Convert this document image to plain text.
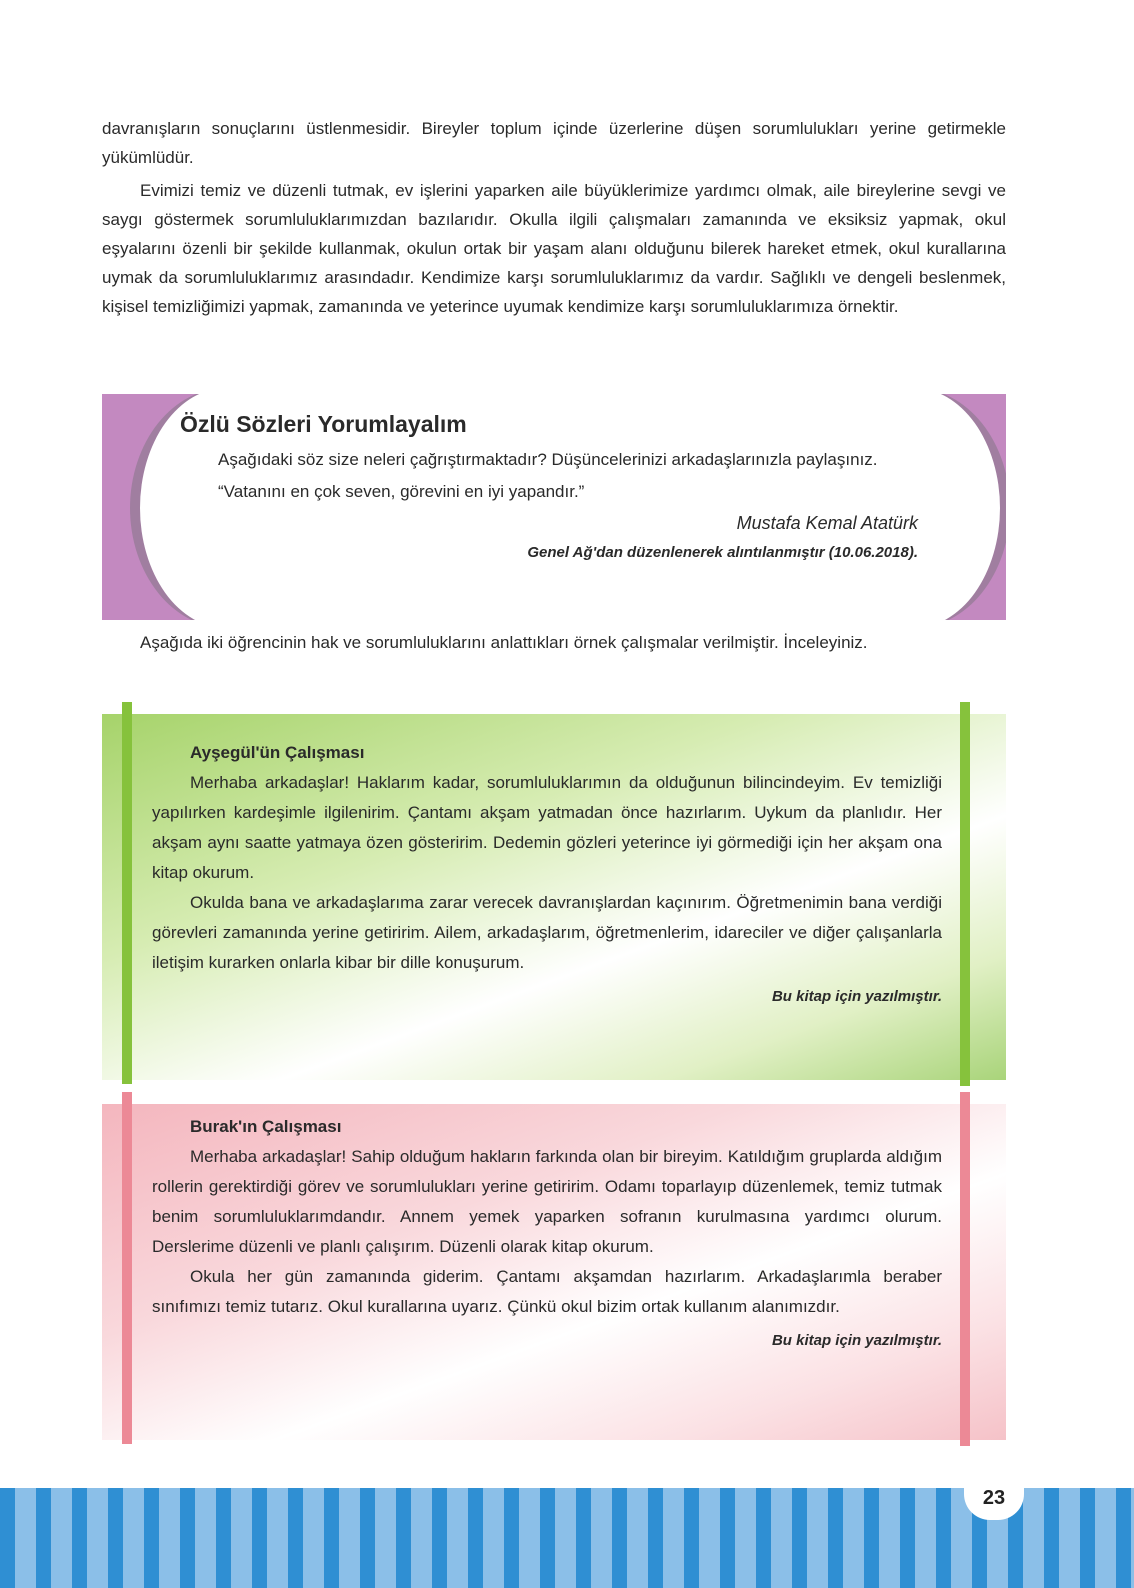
davranışların sonuçlarını üstlenmesidir. Bireyler toplum içinde üzerlerine düşen sorumlulukları yerine getirmekle yükümlüdür.

Evimizi temiz ve düzenli tutmak, ev işlerini yaparken aile büyüklerimize yardımcı olmak, aile bireylerine sevgi ve saygı göstermek sorumluluklarımızdan bazılarıdır. Okulla ilgili çalışmaları zamanında ve eksiksiz yapmak, okul eşyalarını özenli bir şekilde kullanmak, okulun ortak bir yaşam alanı olduğunu bilerek hareket etmek, okul kurallarına uymak da sorumluluklarımız arasındadır. Kendimize karşı sorumluluklarımız da vardır. Sağlıklı ve dengeli beslenmek, kişisel temizliğimizi yapmak, zamanında ve yeterince uyumak kendimize karşı sorumluluklarımıza örnektir.

Özlü Sözleri Yorumlayalım

Aşağıdaki söz size neleri çağrıştırmaktadır? Düşüncelerinizi arkadaşlarınızla paylaşınız.

“Vatanını en çok seven, görevini en iyi yapandır.”

Mustafa Kemal Atatürk

Genel Ağ'dan düzenlenerek alıntılanmıştır (10.06.2018).

Aşağıda iki öğrencinin hak ve sorumluluklarını anlattıkları örnek çalışmalar verilmiştir. İnceleyiniz.

Ayşegül'ün Çalışması

Merhaba arkadaşlar! Haklarım kadar, sorumluluklarımın da olduğunun bilincindeyim. Ev temizliği yapılırken kardeşimle ilgilenirim. Çantamı akşam yatmadan önce hazırlarım. Uykum da planlıdır. Her akşam aynı saatte yatmaya özen gösteririm. Dedemin gözleri yeterince iyi görmediği için her akşam ona kitap okurum.

Okulda bana ve arkadaşlarıma zarar verecek davranışlardan kaçınırım. Öğretmenimin bana verdiği görevleri zamanında yerine getiririm. Ailem, arkadaşlarım, öğretmenlerim, idareciler ve diğer çalışanlarla iletişim kurarken onlarla kibar bir dille konuşurum.

Bu kitap için yazılmıştır.

Burak'ın Çalışması

Merhaba arkadaşlar! Sahip olduğum hakların farkında olan bir bireyim. Katıldığım gruplarda aldığım rollerin gerektirdiği görev ve sorumlulukları yerine getiririm. Odamı toparlayıp düzenlemek, temiz tutmak benim sorumluluklarımdandır. Annem yemek yaparken sofranın kurulmasına yardımcı olurum. Derslerime düzenli ve planlı çalışırım. Düzenli olarak kitap okurum.

Okula her gün zamanında giderim. Çantamı akşamdan hazırlarım. Arkadaşlarımla beraber sınıfımızı temiz tutarız. Okul kurallarına uyarız. Çünkü okul bizim ortak kullanım alanımızdır.

Bu kitap için yazılmıştır.

23
